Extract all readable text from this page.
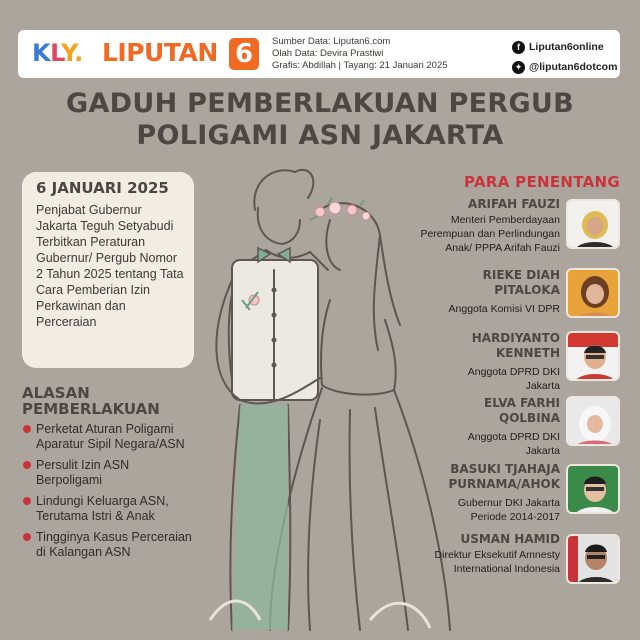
KLY. LIPUTAN 6	Sumber Data: Liputan6.com
Olah Data: Devira Prastiwi
Grafis: Abdillah | Tayang: 21 Januari 2025
f Liputan6online
✦ @liputan6dotcom
GADUH PEMBERLAKUAN PERGUB
POLIGAMI ASN JAKARTA
6 JANUARI 2025
Penjabat Gubernur Jakarta Teguh Setyabudi Terbitkan Peraturan Gubernur/ Pergub Nomor 2 Tahun 2025 tentang Tata Cara Pemberian Izin Perkawinan dan Perceraian
ALASAN
PEMBERLAKUAN
Perketat Aturan Poligami Aparatur Sipil Negara/ASN
Persulit Izin ASN Berpoligami
Lindungi Keluarga ASN, Terutama Istri & Anak
Tingginya Kasus Perceraian di Kalangan ASN
PARA PENENTANG
ARIFAH FAUZI
Menteri Pemberdayaan Perempuan dan Perlindungan Anak/ PPPA Arifah Fauzi
RIEKE DIAH PITALOKA
Anggota Komisi VI DPR
HARDIYANTO KENNETH
Anggota DPRD DKI Jakarta
ELVA FARHI QOLBINA
Anggota DPRD DKI Jakarta
BASUKI TJAHAJA PURNAMA/AHOK
Gubernur DKI Jakarta Periode 2014-2017
USMAN HAMID
Direktur Eksekutif Amnesty International Indonesia
